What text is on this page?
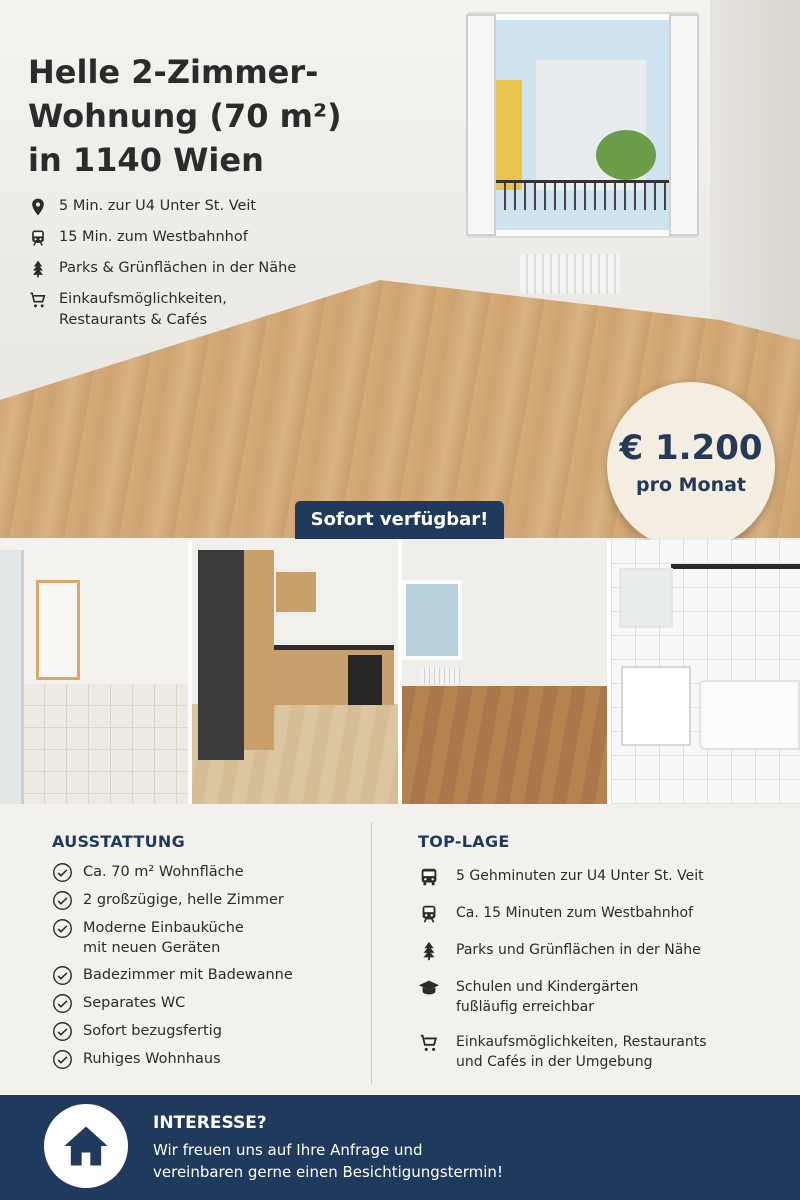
Helle 2-Zimmer-Wohnung (70 m²) in 1140 Wien
5 Min. zur U4 Unter St. Veit
15 Min. zum Westbahnhof
Parks & Grünflächen in der Nähe
Einkaufsmöglichkeiten,
Restaurants & Cafés
€ 1.200
pro Monat
Sofort verfügbar!
AUSSTATTUNG
Ca. 70 m² Wohnfläche
2 großzügige, helle Zimmer
Moderne Einbauküche
mit neuen Geräten
Badezimmer mit Badewanne
Separates WC
Sofort bezugsfertig
Ruhiges Wohnhaus
TOP-LAGE
5 Gehminuten zur U4 Unter St. Veit
Ca. 15 Minuten zum Westbahnhof
Parks und Grünflächen in der Nähe
Schulen und Kindergärten
fußläufig erreichbar
Einkaufsmöglichkeiten, Restaurants
und Cafés in der Umgebung
INTERESSE?
Wir freuen uns auf Ihre Anfrage und
vereinbaren gerne einen Besichtigungstermin!
